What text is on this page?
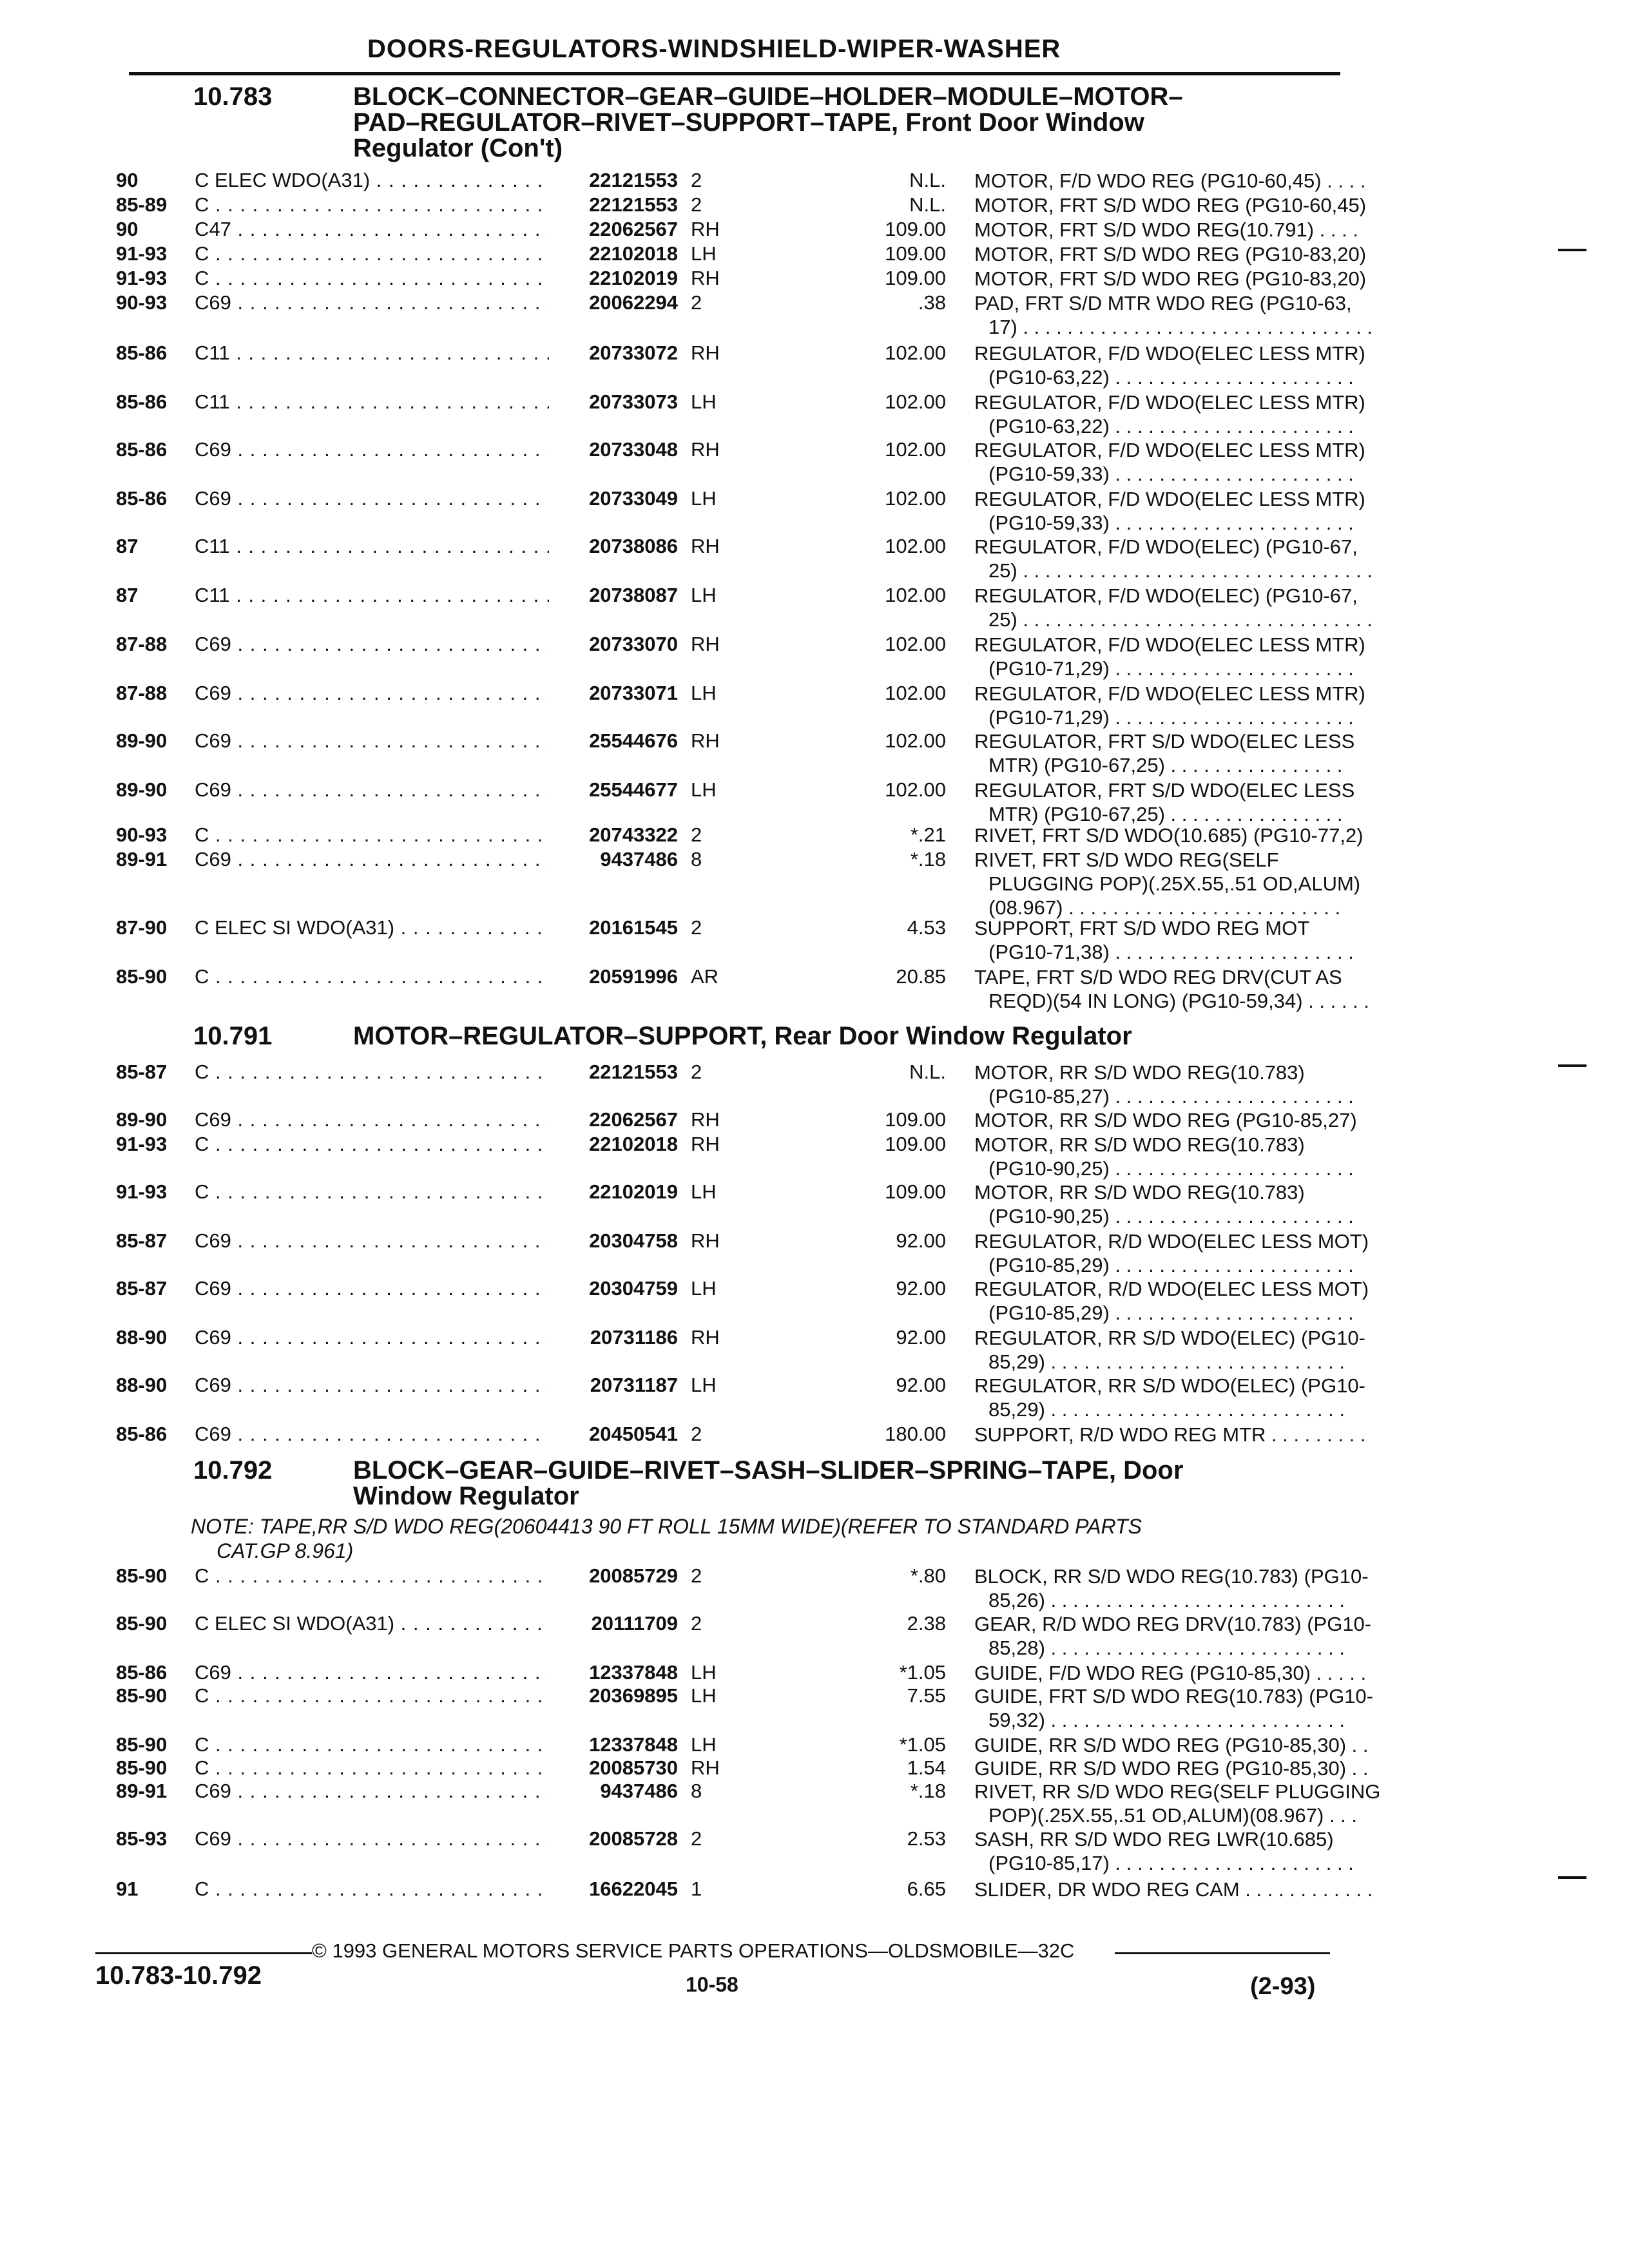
DOORS-REGULATORS-WINDSHIELD-WIPER-WASHER
10.783	BLOCK–CONNECTOR–GEAR–GUIDE–HOLDER–MODULE–MOTOR–
PAD–REGULATOR–RIVET–SUPPORT–TAPE, Front Door Window
Regulator (Con't)
90	C ELEC WDO(A31) . . .	22121553 2	N.L. MOTOR, F/D WDO REG (PG10-60,45) . . . .
85-89 C . . .	22121553 2	N.L. MOTOR, FRT S/D WDO REG (PG10-60,45)
90	C47 . . .	22062567 RH	109.00 MOTOR, FRT S/D WDO REG(10.791) . . . .
91-93 C . . .	22102018 LH	109.00 MOTOR, FRT S/D WDO REG (PG10-83,20)
91-93 C . . .	22102019 RH	109.00 MOTOR, FRT S/D WDO REG (PG10-83,20)
90-93 C69 . . .	20062294 2	.38 PAD, FRT S/D MTR WDO REG (PG10-63,
17) . . . . . . . . . . . . . . . . . . . . . . . . . . . . . . . .
85-86 C11 . . .	20733072 RH	102.00 REGULATOR, F/D WDO(ELEC LESS MTR)
(PG10-63,22) . . . . . . . . . . . . . . . . . . . . . .
85-86 C11 . . .	20733073 LH	102.00 REGULATOR, F/D WDO(ELEC LESS MTR)
(PG10-63,22) . . . . . . . . . . . . . . . . . . . . . .
85-86 C69 . . .	20733048 RH	102.00 REGULATOR, F/D WDO(ELEC LESS MTR)
(PG10-59,33) . . . . . . . . . . . . . . . . . . . . . .
85-86 C69 . . .	20733049 LH	102.00 REGULATOR, F/D WDO(ELEC LESS MTR)
(PG10-59,33) . . . . . . . . . . . . . . . . . . . . . .
87	C11 . . .	20738086 RH	102.00 REGULATOR, F/D WDO(ELEC) (PG10-67,
25) . . . . . . . . . . . . . . . . . . . . . . . . . . . . . . . .
87	C11 . . .	20738087 LH	102.00 REGULATOR, F/D WDO(ELEC) (PG10-67,
25) . . . . . . . . . . . . . . . . . . . . . . . . . . . . . . . .
87-88 C69 . . .	20733070 RH	102.00 REGULATOR, F/D WDO(ELEC LESS MTR)
(PG10-71,29) . . . . . . . . . . . . . . . . . . . . . .
87-88 C69 . . .	20733071 LH	102.00 REGULATOR, F/D WDO(ELEC LESS MTR)
(PG10-71,29) . . . . . . . . . . . . . . . . . . . . . .
89-90 C69 . . .	25544676 RH	102.00 REGULATOR, FRT S/D WDO(ELEC LESS
MTR) (PG10-67,25) . . . . . . . . . . . . . . . .
89-90 C69 . . .	25544677 LH	102.00 REGULATOR, FRT S/D WDO(ELEC LESS
MTR) (PG10-67,25) . . . . . . . . . . . . . . . .
90-93 C . . .	20743322 2	*.21 RIVET, FRT S/D WDO(10.685) (PG10-77,2)
89-91 C69 . . .	9437486 8	*.18 RIVET, FRT S/D WDO REG(SELF
PLUGGING POP)(.25X.55,.51 OD,ALUM)
(08.967) . . . . . . . . . . . . . . . . . . . . . . . . .
87-90 C ELEC SI WDO(A31) . . .	20161545 2	4.53 SUPPORT, FRT S/D WDO REG MOT
(PG10-71,38) . . . . . . . . . . . . . . . . . . . . . .
85-90 C . . .	20591996 AR	20.85 TAPE, FRT S/D WDO REG DRV(CUT AS
REQD)(54 IN LONG) (PG10-59,34) . . . . . .
10.791	MOTOR–REGULATOR–SUPPORT, Rear Door Window Regulator
85-87 C . . .	22121553 2	N.L. MOTOR, RR S/D WDO REG(10.783)
(PG10-85,27) . . . . . . . . . . . . . . . . . . . . . .
89-90 C69 . . .	22062567 RH	109.00 MOTOR, RR S/D WDO REG (PG10-85,27)
91-93 C . . .	22102018 RH	109.00 MOTOR, RR S/D WDO REG(10.783)
(PG10-90,25) . . . . . . . . . . . . . . . . . . . . . .
91-93 C . . .	22102019 LH	109.00 MOTOR, RR S/D WDO REG(10.783)
(PG10-90,25) . . . . . . . . . . . . . . . . . . . . . .
85-87 C69 . . .	20304758 RH	92.00 REGULATOR, R/D WDO(ELEC LESS MOT)
(PG10-85,29) . . . . . . . . . . . . . . . . . . . . . .
85-87 C69 . . .	20304759 LH	92.00 REGULATOR, R/D WDO(ELEC LESS MOT)
(PG10-85,29) . . . . . . . . . . . . . . . . . . . . . .
88-90 C69 . . .	20731186 RH	92.00 REGULATOR, RR S/D WDO(ELEC) (PG10-
85,29) . . . . . . . . . . . . . . . . . . . . . . . . . . .
88-90 C69 . . .	20731187 LH	92.00 REGULATOR, RR S/D WDO(ELEC) (PG10-
85,29) . . . . . . . . . . . . . . . . . . . . . . . . . . .
85-86 C69 . . .	20450541 2	180.00 SUPPORT, R/D WDO REG MTR . . . . . . . . .
10.792	BLOCK–GEAR–GUIDE–RIVET–SASH–SLIDER–SPRING–TAPE, Door
Window Regulator
NOTE: TAPE,RR S/D WDO REG(20604413 90 FT ROLL 15MM WIDE)(REFER TO STANDARD PARTS
CAT.GP 8.961)
85-90 C . . .	20085729 2	*.80 BLOCK, RR S/D WDO REG(10.783) (PG10-
85,26) . . . . . . . . . . . . . . . . . . . . . . . . . . .
85-90 C ELEC SI WDO(A31) . . .	20111709 2	2.38 GEAR, R/D WDO REG DRV(10.783) (PG10-
85,28) . . . . . . . . . . . . . . . . . . . . . . . . . . .
85-86 C69 . . .	12337848 LH	*1.05 GUIDE, F/D WDO REG (PG10-85,30) . . . . .
85-90 C . . .	20369895 LH	7.55 GUIDE, FRT S/D WDO REG(10.783) (PG10-
59,32) . . . . . . . . . . . . . . . . . . . . . . . . . . .
85-90 C . . .	12337848 LH	*1.05 GUIDE, RR S/D WDO REG (PG10-85,30) . .
85-90 C . . .	20085730 RH	1.54 GUIDE, RR S/D WDO REG (PG10-85,30) . .
89-91 C69 . . .	9437486 8	*.18 RIVET, RR S/D WDO REG(SELF PLUGGING
POP)(.25X.55,.51 OD,ALUM)(08.967) . . .
85-93 C69 . . .	20085728 2	2.53 SASH, RR S/D WDO REG LWR(10.685)
(PG10-85,17) . . . . . . . . . . . . . . . . . . . . . .
91	C . . .	16622045 1	6.65 SLIDER, DR WDO REG CAM . . . . . . . . . . . .
© 1993 GENERAL MOTORS SERVICE PARTS OPERATIONS—OLDSMOBILE—32C
10.783-10.792	10-58	(2-93)
